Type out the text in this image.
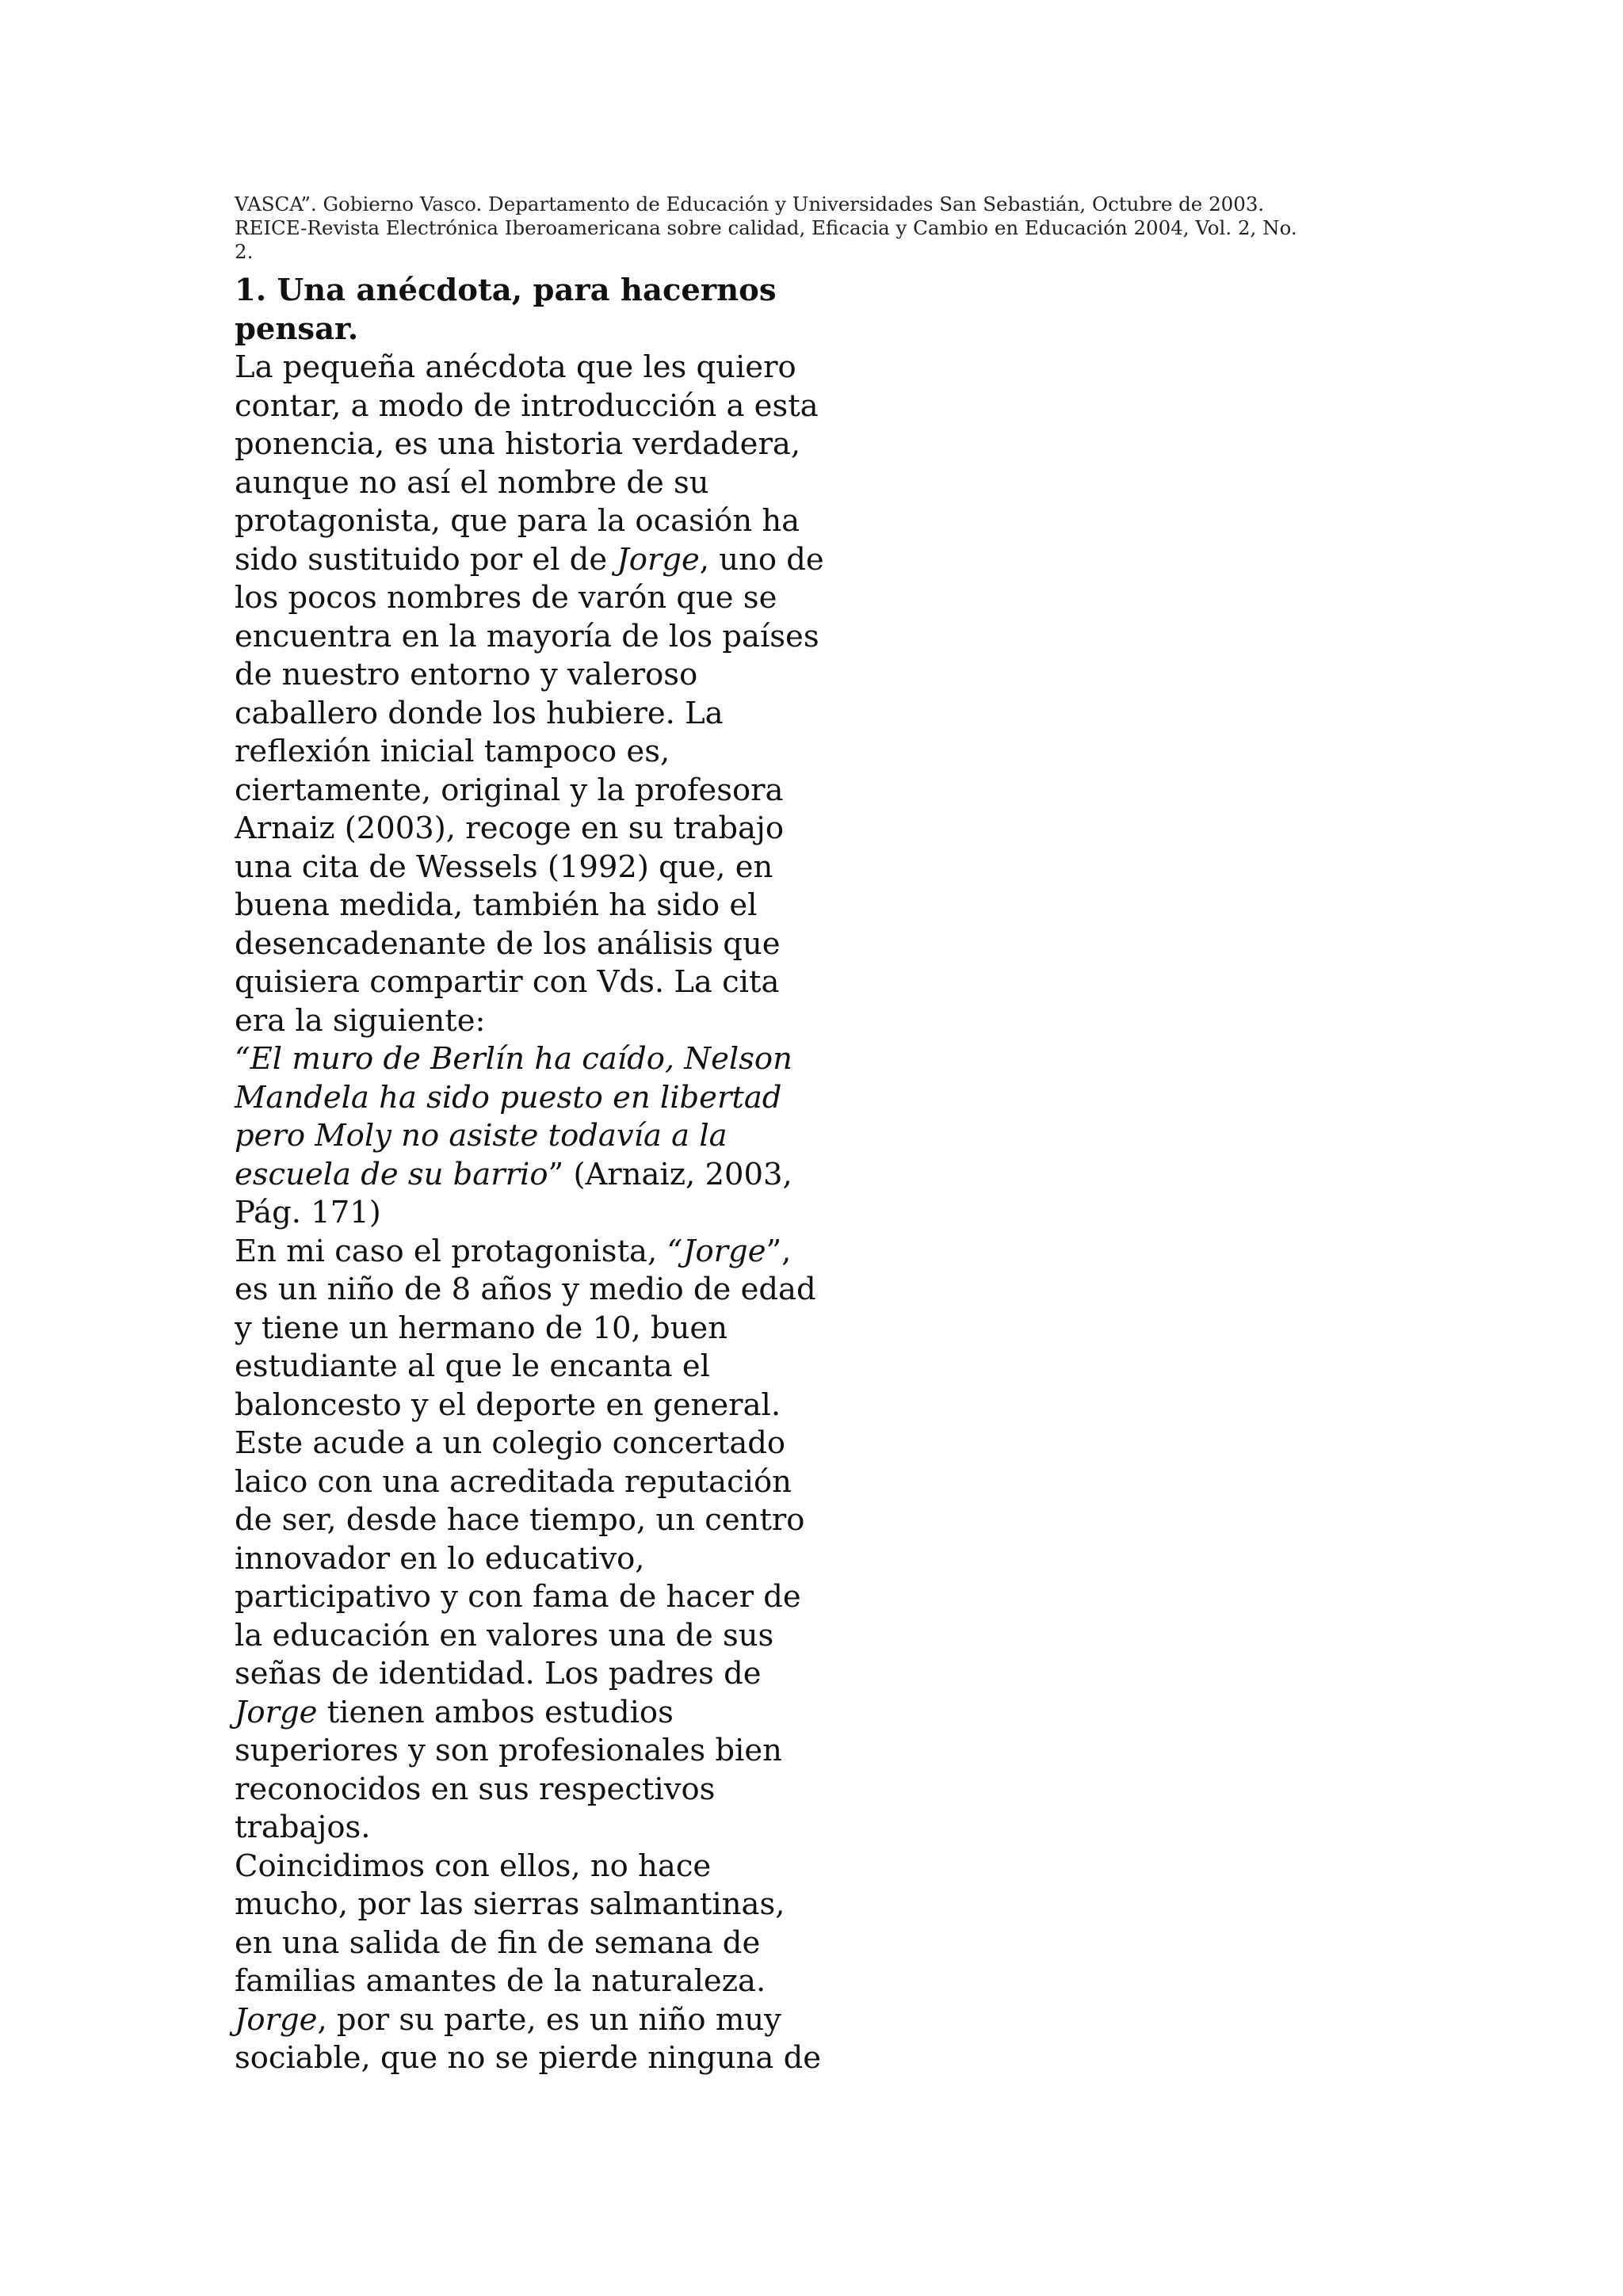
VASCA”. Gobierno Vasco. Departamento de Educación y Universidades San Sebastián, Octubre de 2003.
REICE-Revista Electrónica Iberoamericana sobre calidad, Eficacia y Cambio en Educación 2004, Vol. 2, No.
2.
1. Una anécdota, para hacernos
pensar.
La pequeña anécdota que les quiero
contar, a modo de introducción a esta
ponencia, es una historia verdadera,
aunque no así el nombre de su
protagonista, que para la ocasión ha
sido sustituido por el de Jorge, uno de
los pocos nombres de varón que se
encuentra en la mayoría de los países
de nuestro entorno y valeroso
caballero donde los hubiere. La
reflexión inicial tampoco es,
ciertamente, original y la profesora
Arnaiz (2003), recoge en su trabajo
una cita de Wessels (1992) que, en
buena medida, también ha sido el
desencadenante de los análisis que
quisiera compartir con Vds. La cita
era la siguiente:
“El muro de Berlín ha caído, Nelson
Mandela ha sido puesto en libertad
pero Moly no asiste todavía a la
escuela de su barrio” (Arnaiz, 2003,
Pág. 171)
En mi caso el protagonista, “Jorge”,
es un niño de 8 años y medio de edad
y tiene un hermano de 10, buen
estudiante al que le encanta el
baloncesto y el deporte en general.
Este acude a un colegio concertado
laico con una acreditada reputación
de ser, desde hace tiempo, un centro
innovador en lo educativo,
participativo y con fama de hacer de
la educación en valores una de sus
señas de identidad. Los padres de
Jorge tienen ambos estudios
superiores y son profesionales bien
reconocidos en sus respectivos
trabajos.
Coincidimos con ellos, no hace
mucho, por las sierras salmantinas,
en una salida de fin de semana de
familias amantes de la naturaleza.
Jorge, por su parte, es un niño muy
sociable, que no se pierde ninguna de
